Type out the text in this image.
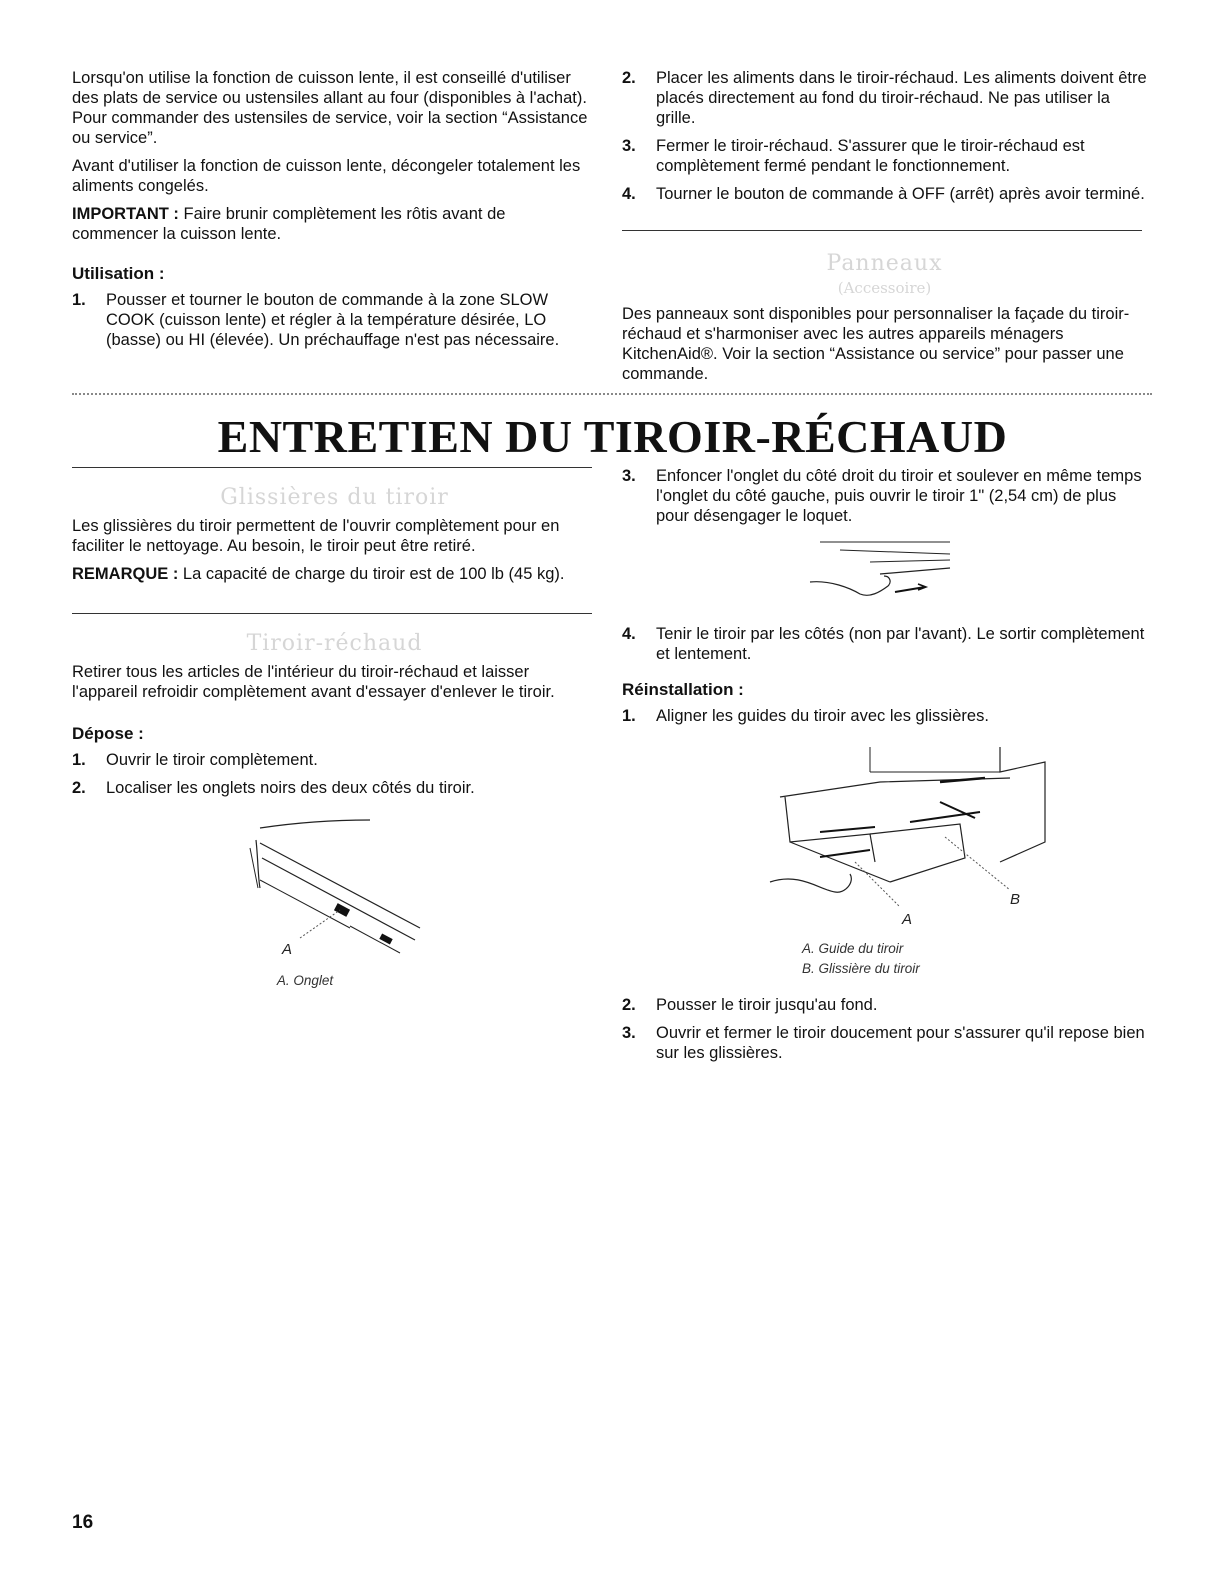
Lorsqu'on utilise la fonction de cuisson lente, il est conseillé d'utiliser des plats de service ou ustensiles allant au four (disponibles à l'achat). Pour commander des ustensiles de service, voir la section “Assistance ou service”.

Avant d'utiliser la fonction de cuisson lente, décongeler totalement les aliments congelés.

IMPORTANT : Faire brunir complètement les rôtis avant de commencer la cuisson lente.

Utilisation :
1. Pousser et tourner le bouton de commande à la zone SLOW COOK (cuisson lente) et régler à la température désirée, LO (basse) ou HI (élevée). Un préchauffage n'est pas nécessaire.
2. Placer les aliments dans le tiroir-réchaud. Les aliments doivent être placés directement au fond du tiroir-réchaud. Ne pas utiliser la grille.
3. Fermer le tiroir-réchaud. S'assurer que le tiroir-réchaud est complètement fermé pendant le fonctionnement.
4. Tourner le bouton de commande à OFF (arrêt) après avoir terminé.
Panneaux
(Accessoire)

Des panneaux sont disponibles pour personnaliser la façade du tiroir-réchaud et s'harmoniser avec les autres appareils ménagers KitchenAid®. Voir la section “Assistance ou service” pour passer une commande.

ENTRETIEN DU TIROIR-RÉCHAUD
Glissières du tiroir

Les glissières du tiroir permettent de l'ouvrir complètement pour en faciliter le nettoyage. Au besoin, le tiroir peut être retiré.

REMARQUE : La capacité de charge du tiroir est de 100 lb (45 kg).

Tiroir-réchaud

Retirer tous les articles de l'intérieur du tiroir-réchaud et laisser l'appareil refroidir complètement avant d'essayer d'enlever le tiroir.

Dépose :
1. Ouvrir le tiroir complètement.
2. Localiser les onglets noirs des deux côtés du tiroir.
A
A. Onglet
3. Enfoncer l'onglet du côté droit du tiroir et soulever en même temps l'onglet du côté gauche, puis ouvrir le tiroir 1" (2,54 cm) de plus pour désengager le loquet.
4. Tenir le tiroir par les côtés (non par l'avant). Le sortir complètement et lentement.
Réinstallation :
1. Aligner les guides du tiroir avec les glissières.
A
B
A. Guide du tiroir
B. Glissière du tiroir
2. Pousser le tiroir jusqu'au fond.
3. Ouvrir et fermer le tiroir doucement pour s'assurer qu'il repose bien sur les glissières.
16
